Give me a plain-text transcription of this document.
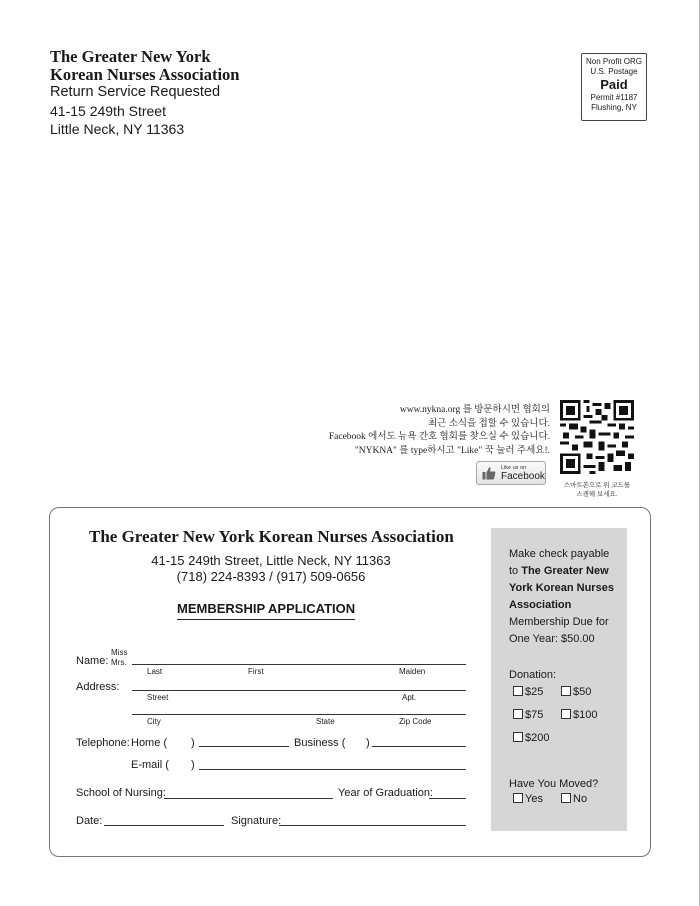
The Greater New York
Korean Nurses Association
Return Service Requested
41-15 249th Street
Little Neck, NY 11363
Non Profit ORG
U.S. Postage
Paid
Permit #1187
Flushing, NY
www.nykna.org 를 방문하시면 협회의
최근 소식을 접할 수 있습니다.
Facebook 에서도 뉴욕 간호 협회를 찾으실 수 있습니다.
"NYKNA" 를 type하시고 "Like" 꾹 눌러 주세요!.
Like us on
Facebook
스마트폰으로 위 코드를
스캔해 보세요.
The Greater New York Korean Nurses Association
41-15 249th Street, Little Neck, NY 11363
(718) 224-8393 / (917) 509-0656
MEMBERSHIP APPLICATION
Name:
Miss
Mrs.
Last	First	Maiden
Address:
Street	Apt.
City	State	Zip Code
Telephone: Home ( )	Business ( )
E-mail ( )
School of Nursing:	Year of Graduation:
Date:	Signature:
Make check payable
to The Greater New
York Korean Nurses
Association
Membership Due for
One Year: $50.00
Donation:
$25	$50
$75	$100
$200
Have You Moved?
Yes	No
